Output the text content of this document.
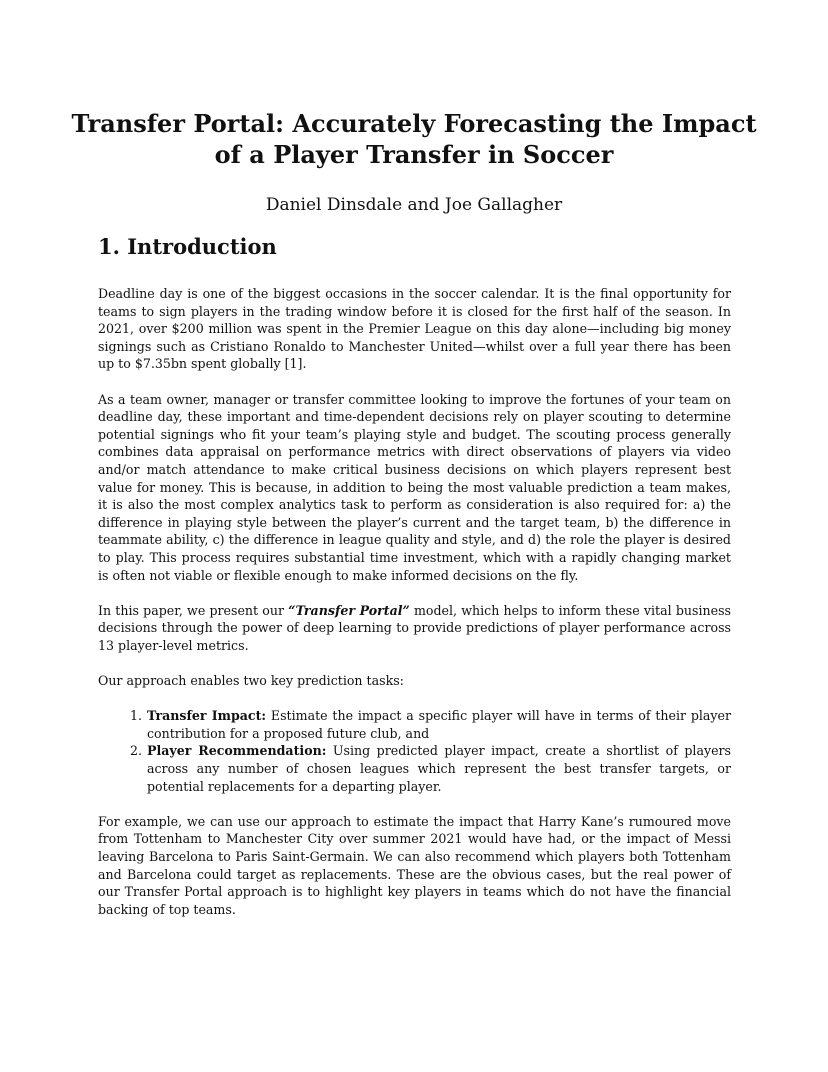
Transfer Portal: Accurately Forecasting the Impact of a Player Transfer in Soccer
Daniel Dinsdale and Joe Gallagher
1. Introduction

Deadline day is one of the biggest occasions in the soccer calendar. It is the final opportunity for teams to sign players in the trading window before it is closed for the first half of the season. In 2021, over $200 million was spent in the Premier League on this day alone—including big money signings such as Cristiano Ronaldo to Manchester United—whilst over a full year there has been up to $7.35bn spent globally [1].

As a team owner, manager or transfer committee looking to improve the fortunes of your team on deadline day, these important and time-dependent decisions rely on player scouting to determine potential signings who fit your team’s playing style and budget. The scouting process generally combines data appraisal on performance metrics with direct observations of players via video and/or match attendance to make critical business decisions on which players represent best value for money. This is because, in addition to being the most valuable prediction a team makes, it is also the most complex analytics task to perform as consideration is also required for: a) the difference in playing style between the player’s current and the target team, b) the difference in teammate ability, c) the difference in league quality and style, and d) the role the player is desired to play. This process requires substantial time investment, which with a rapidly changing market is often not viable or flexible enough to make informed decisions on the fly.

In this paper, we present our “Transfer Portal” model, which helps to inform these vital business decisions through the power of deep learning to provide predictions of player performance across 13 player-level metrics.

Our approach enables two key prediction tasks:

1. Transfer Impact: Estimate the impact a specific player will have in terms of their player contribution for a proposed future club, and
2. Player Recommendation: Using predicted player impact, create a shortlist of players across any number of chosen leagues which represent the best transfer targets, or potential replacements for a departing player.

For example, we can use our approach to estimate the impact that Harry Kane’s rumoured move from Tottenham to Manchester City over summer 2021 would have had, or the impact of Messi leaving Barcelona to Paris Saint-Germain. We can also recommend which players both Tottenham and Barcelona could target as replacements. These are the obvious cases, but the real power of our Transfer Portal approach is to highlight key players in teams which do not have the financial backing of top teams.
